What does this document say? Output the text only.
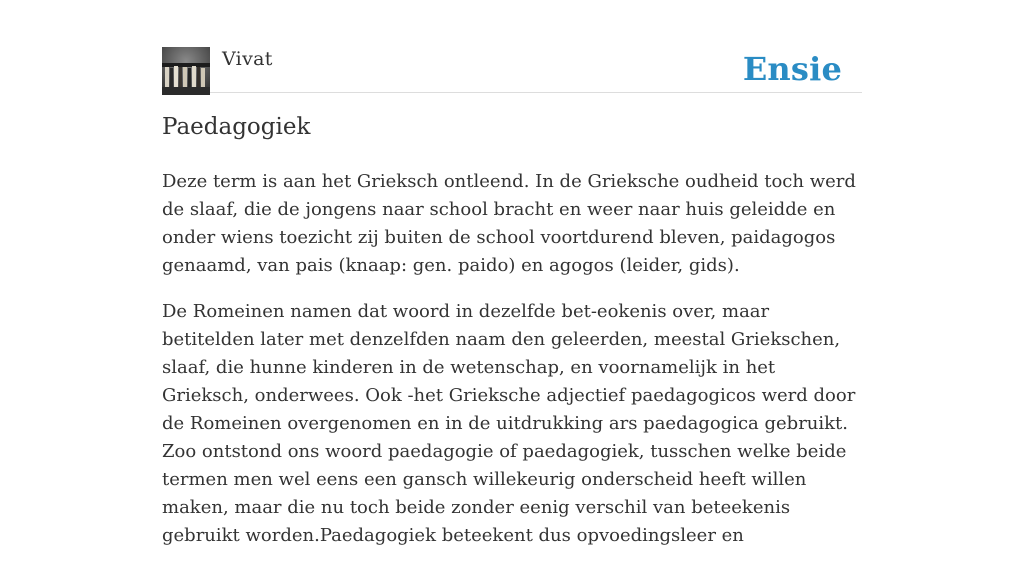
Vivat	Ensie
Paedagogiek

Deze term is aan het Grieksch ontleend. In de Grieksche oudheid toch werd de slaaf, die de jongens naar school bracht en weer naar huis geleidde en onder wiens toezicht zij buiten de school voortdurend bleven, paidagogos genaamd, van pais (knaap: gen. paido) en agogos (leider, gids).

De Romeinen namen dat woord in dezelfde bet-eokenis over, maar betitelden later met denzelfden naam den geleerden, meestal Griekschen, slaaf, die hunne kinderen in de wetenschap, en voornamelijk in het Grieksch, onderwees. Ook -het Grieksche adjectief paedagogicos werd door de Romeinen overgenomen en in de uitdrukking ars paedagogica gebruikt. Zoo ontstond ons woord paedagogie of paedagogiek, tusschen welke beide termen men wel eens een gansch willekeurig onderscheid heeft willen maken, maar die nu toch beide zonder eenig verschil van beteekenis gebruikt worden.Paedagogiek beteekent dus opvoedingsleer en
